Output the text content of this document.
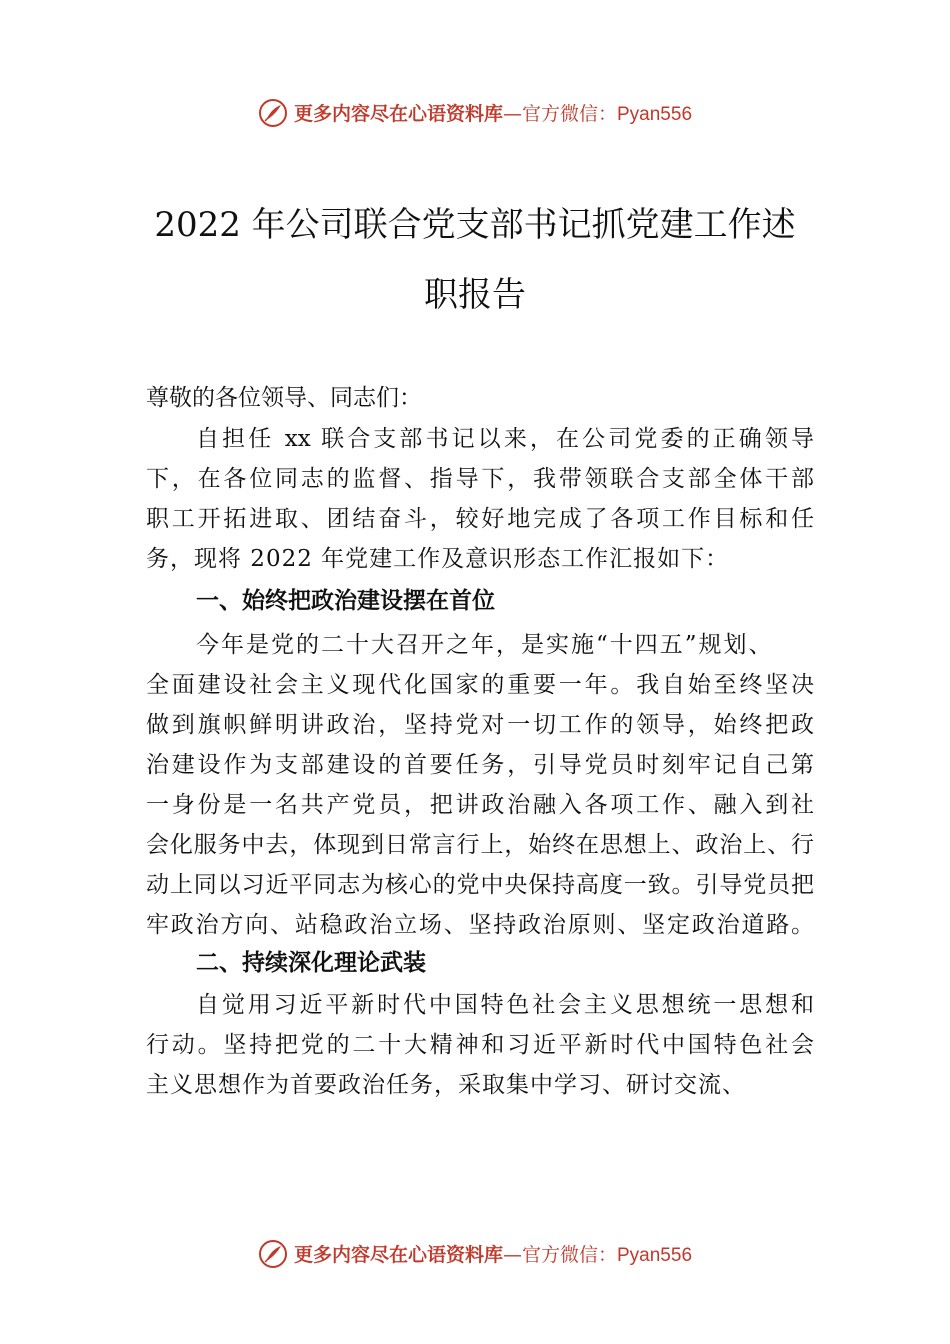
更多内容尽在心语资料库—官方微信：Pyan556
2022 年公司联合党支部书记抓党建工作述
职报告
尊敬的各位领导、同志们：
自担任 xx 联合支部书记以来，在公司党委的正确领导
下，在各位同志的监督、指导下，我带领联合支部全体干部
职工开拓进取、团结奋斗，较好地完成了各项工作目标和任
务，现将 2022 年党建工作及意识形态工作汇报如下：
一、始终把政治建设摆在首位
今年是党的二十大召开之年，是实施“十四五”规划、
全面建设社会主义现代化国家的重要一年。我自始至终坚决
做到旗帜鲜明讲政治，坚持党对一切工作的领导，始终把政
治建设作为支部建设的首要任务，引导党员时刻牢记自己第
一身份是一名共产党员，把讲政治融入各项工作、融入到社
会化服务中去，体现到日常言行上，始终在思想上、政治上、行
动上同以习近平同志为核心的党中央保持高度一致。引导党员把
牢政治方向、站稳政治立场、坚持政治原则、坚定政治道路。
二、持续深化理论武装
自觉用习近平新时代中国特色社会主义思想统一思想和
行动。坚持把党的二十大精神和习近平新时代中国特色社会
主义思想作为首要政治任务，采取集中学习、研讨交流、
更多内容尽在心语资料库—官方微信：Pyan556
